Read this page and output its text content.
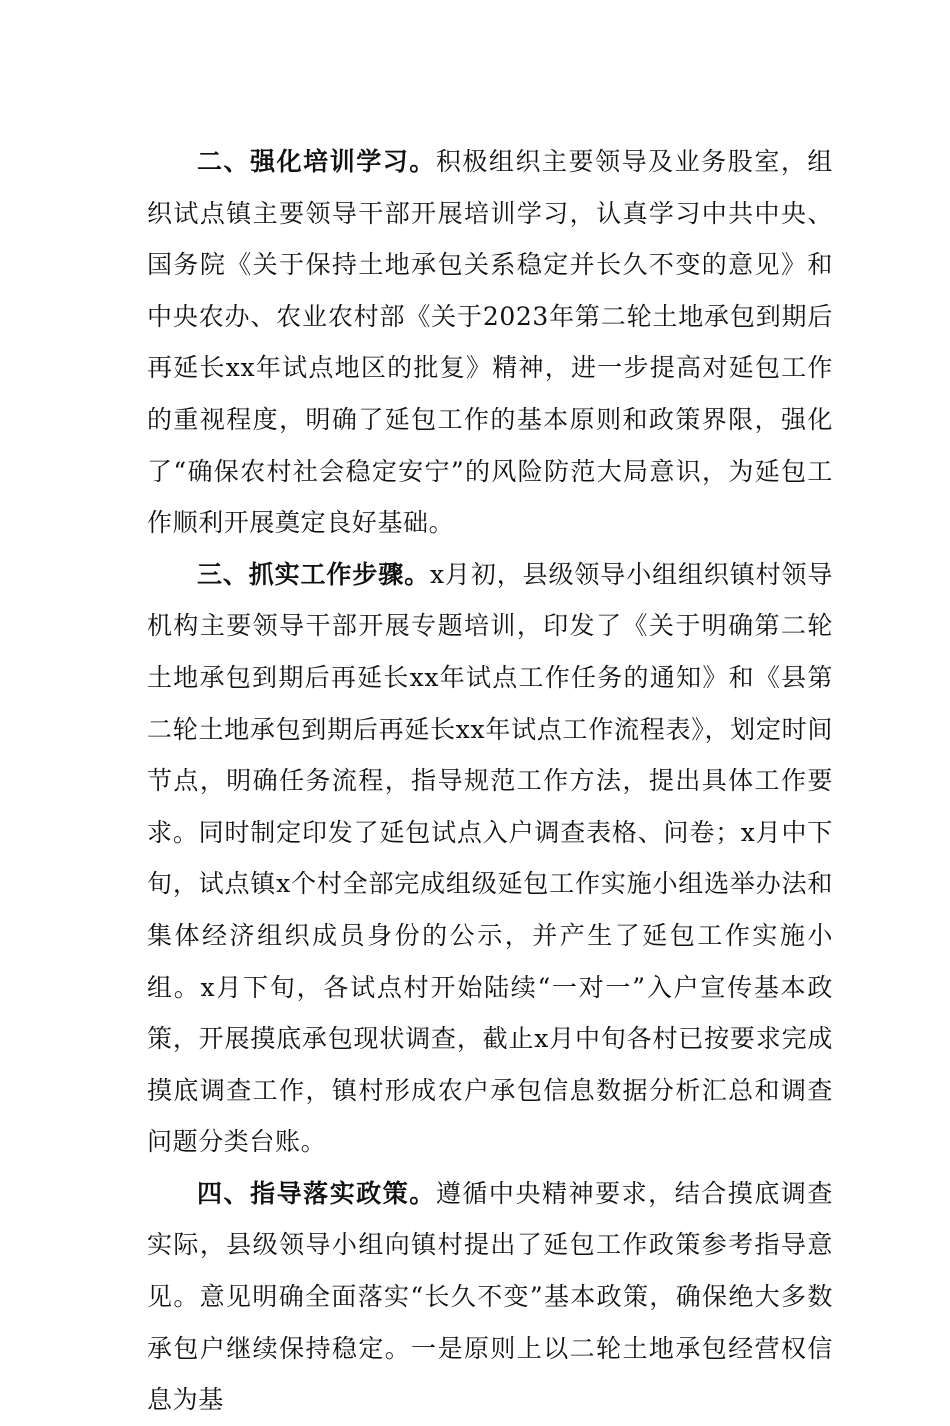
二、强化培训学习。积极组织主要领导及业务股室，组织试点镇主要领导干部开展培训学习，认真学习中共中央、国务院《关于保持土地承包关系稳定并长久不变的意见》和中央农办、农业农村部《关于2023年第二轮土地承包到期后再延长xx年试点地区的批复》精神，进一步提高对延包工作的重视程度，明确了延包工作的基本原则和政策界限，强化了“确保农村社会稳定安宁”的风险防范大局意识，为延包工作顺利开展奠定良好基础。

三、抓实工作步骤。x月初，县级领导小组组织镇村领导机构主要领导干部开展专题培训，印发了《关于明确第二轮土地承包到期后再延长xx年试点工作任务的通知》和《县第二轮土地承包到期后再延长xx年试点工作流程表》，划定时间节点，明确任务流程，指导规范工作方法，提出具体工作要求。同时制定印发了延包试点入户调查表格、问卷；x月中下旬，试点镇x个村全部完成组级延包工作实施小组选举办法和集体经济组织成员身份的公示，并产生了延包工作实施小组。x月下旬，各试点村开始陆续“一对一”入户宣传基本政策，开展摸底承包现状调查，截止x月中旬各村已按要求完成摸底调查工作，镇村形成农户承包信息数据分析汇总和调查问题分类台账。

四、指导落实政策。遵循中央精神要求，结合摸底调查实际，县级领导小组向镇村提出了延包工作政策参考指导意见。意见明确全面落实“长久不变”基本政策，确保绝大多数承包户继续保持稳定。一是原则上以二轮土地承包经营权信息为基
